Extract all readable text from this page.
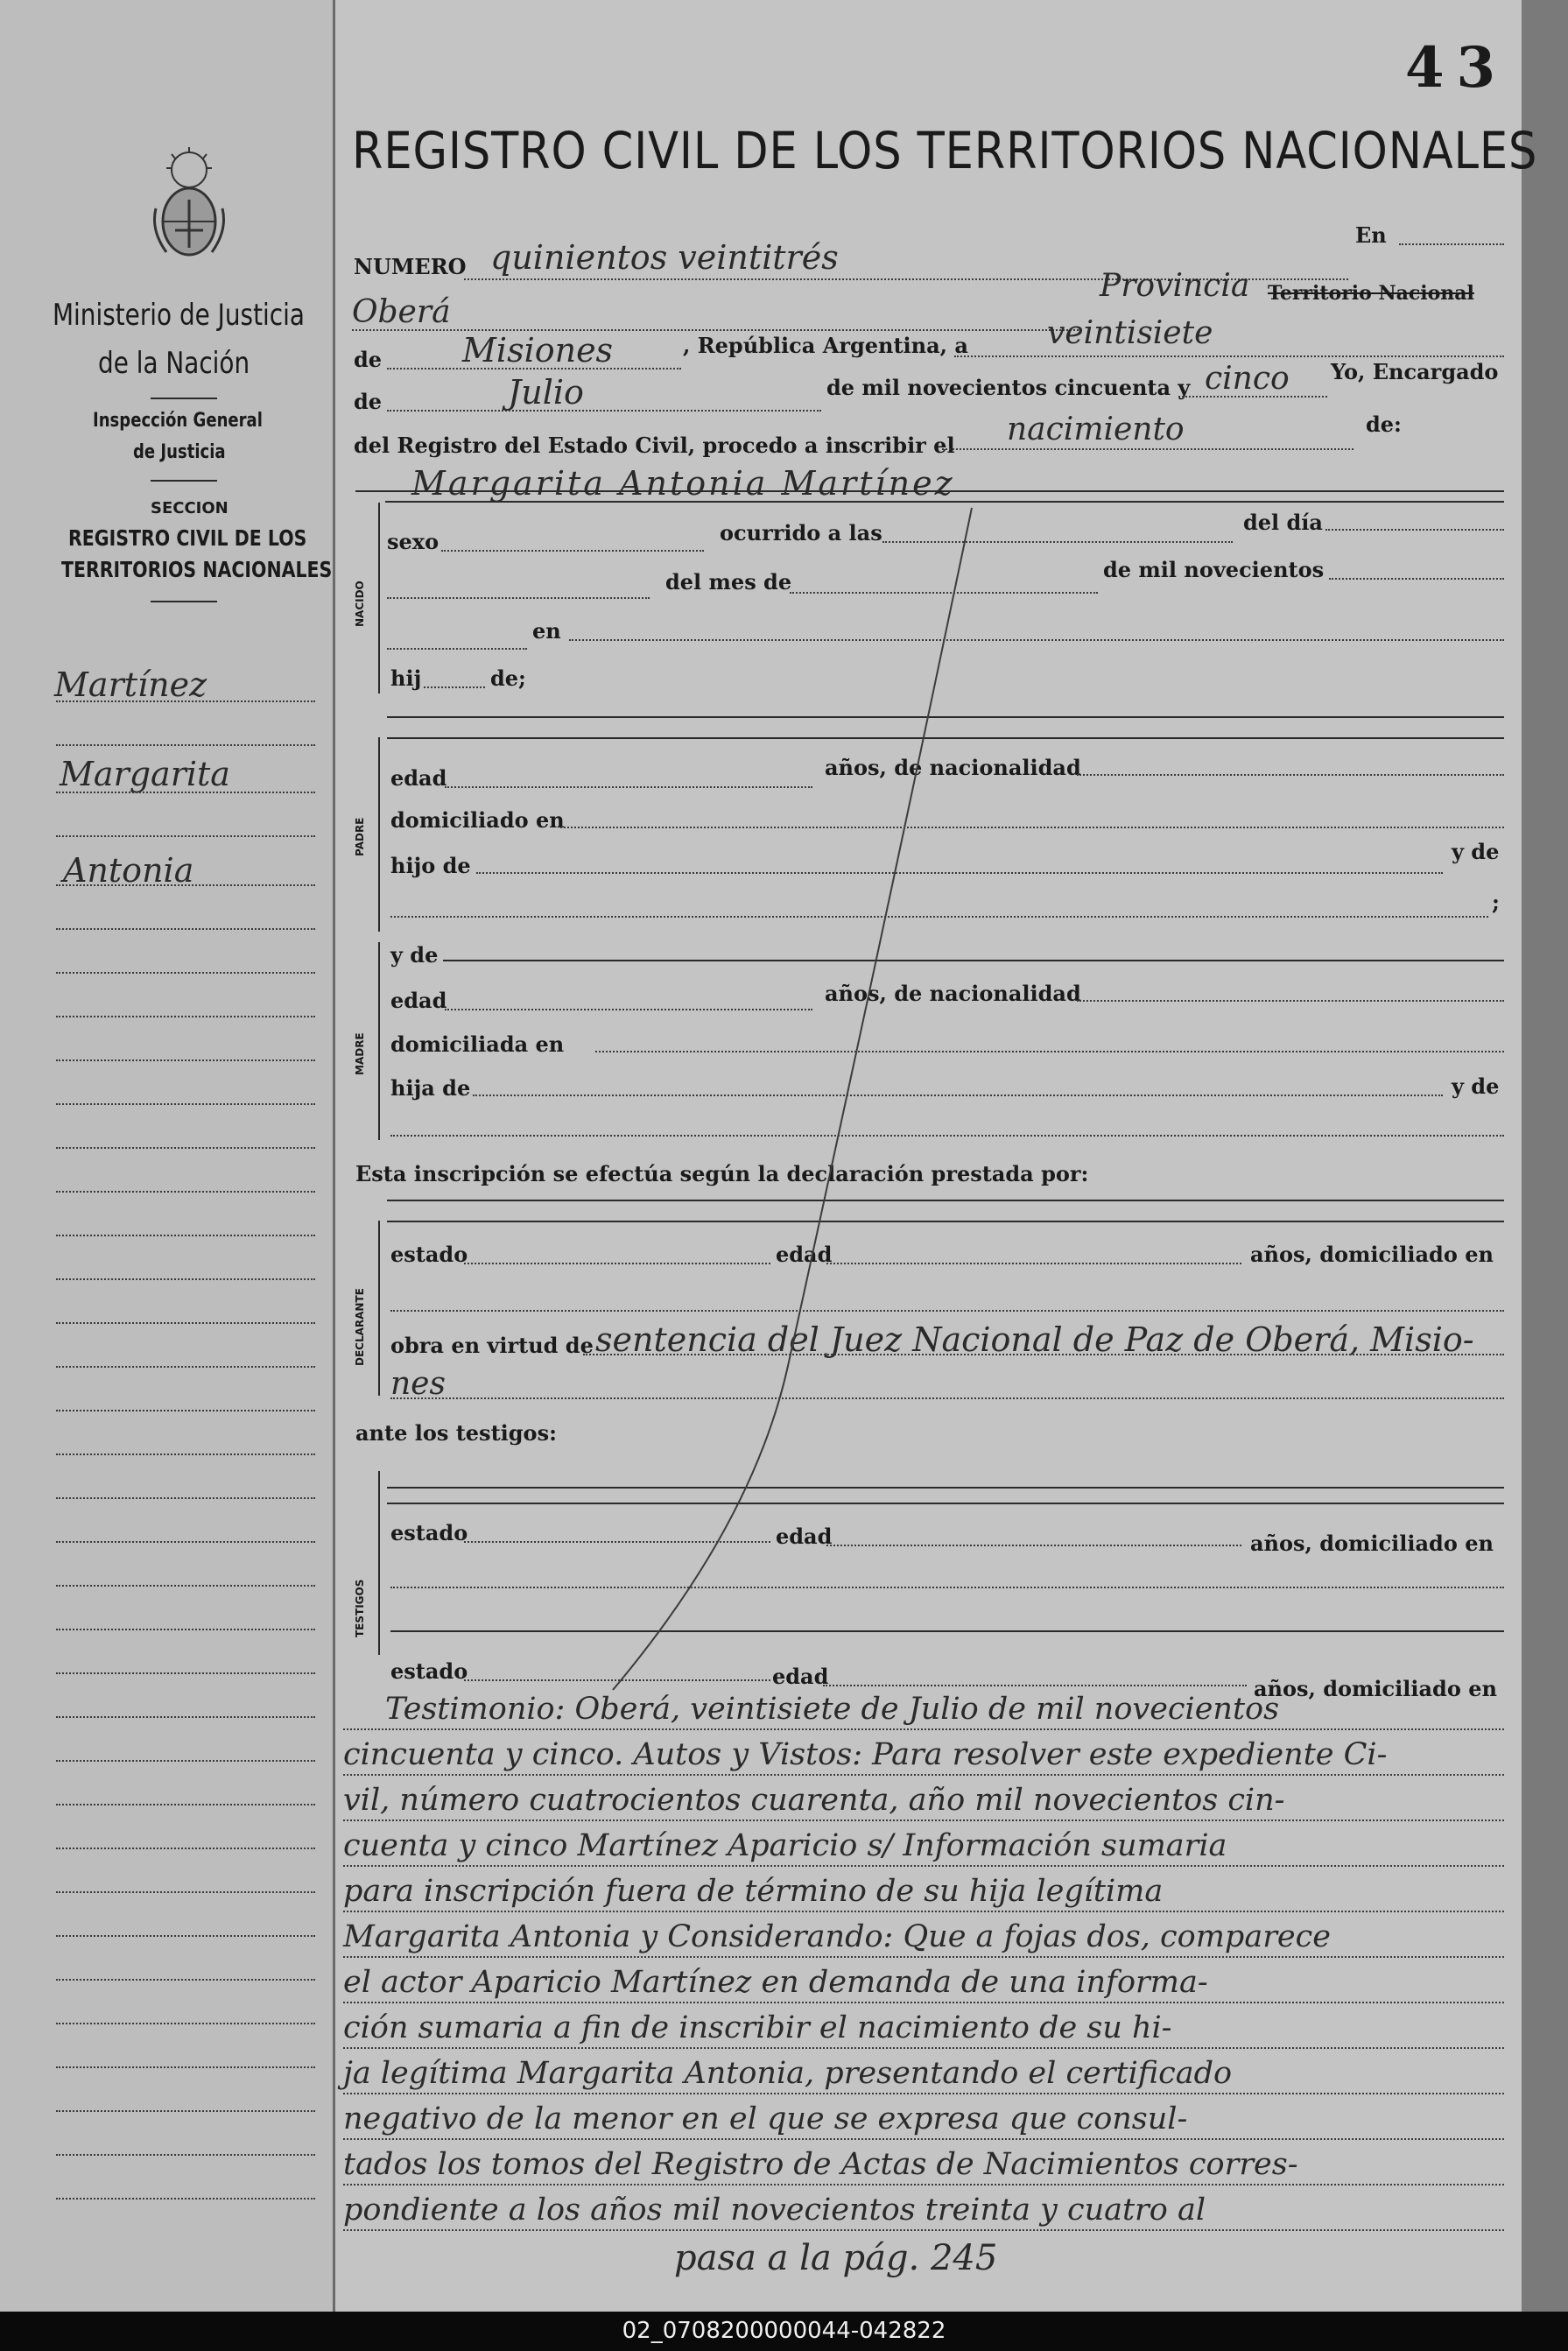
43
REGISTRO CIVIL DE LOS TERRITORIOS NACIONALES
Ministerio de Justicia
de la Nación
Inspección General
de Justicia
SECCION
REGISTRO CIVIL DE LOS
TERRITORIOS NACIONALES
Martínez
Margarita
Antonia
NUMERO quinientos veintitrés
En
Oberá
Provincia Territorio Nacional
de Misiones	, República Argentina, a	veintisiete
de	Julio	de mil novecientos cincuenta y cinco Yo, Encargado
del Registro del Estado Civil, procedo a inscribir el nacimiento	de:
Margarita Antonia Martínez
NACIDO
sexo	ocurrido a las	del día
del mes de	de mil novecientos
en
hij	de;
PADRE
edad	años, de nacionalidad
domiciliado en
hijo de
y de
;
MADRE
y de
edad	años, de nacionalidad
domiciliada en
hija de	y de
Esta inscripción se efectúa según la declaración prestada por:
DECLARANTE
estado	edad	años, domiciliado en
obra en virtud de sentencia del Juez Nacional de Paz de Oberá, Misio-
nes
ante los testigos:
TESTIGOS
estado	edad	años, domiciliado en
estado	edad	años, domiciliado en
Testimonio: Oberá, veintisiete de Julio de mil novecientos
cincuenta y cinco. Autos y Vistos: Para resolver este expediente Ci-
vil, número cuatrocientos cuarenta, año mil novecientos cin-
cuenta y cinco Martínez Aparicio s/ Información sumaria
para inscripción fuera de término de su hija legítima
Margarita Antonia y Considerando: Que a fojas dos, comparece
el actor Aparicio Martínez en demanda de una informa-
ción sumaria a fin de inscribir el nacimiento de su hi-
ja legítima Margarita Antonia, presentando el certificado
negativo de la menor en el que se expresa que consul-
tados los tomos del Registro de Actas de Nacimientos corres-
pondiente a los años mil novecientos treinta y cuatro al
pasa a la pág. 245
02_0708200000044-042822
